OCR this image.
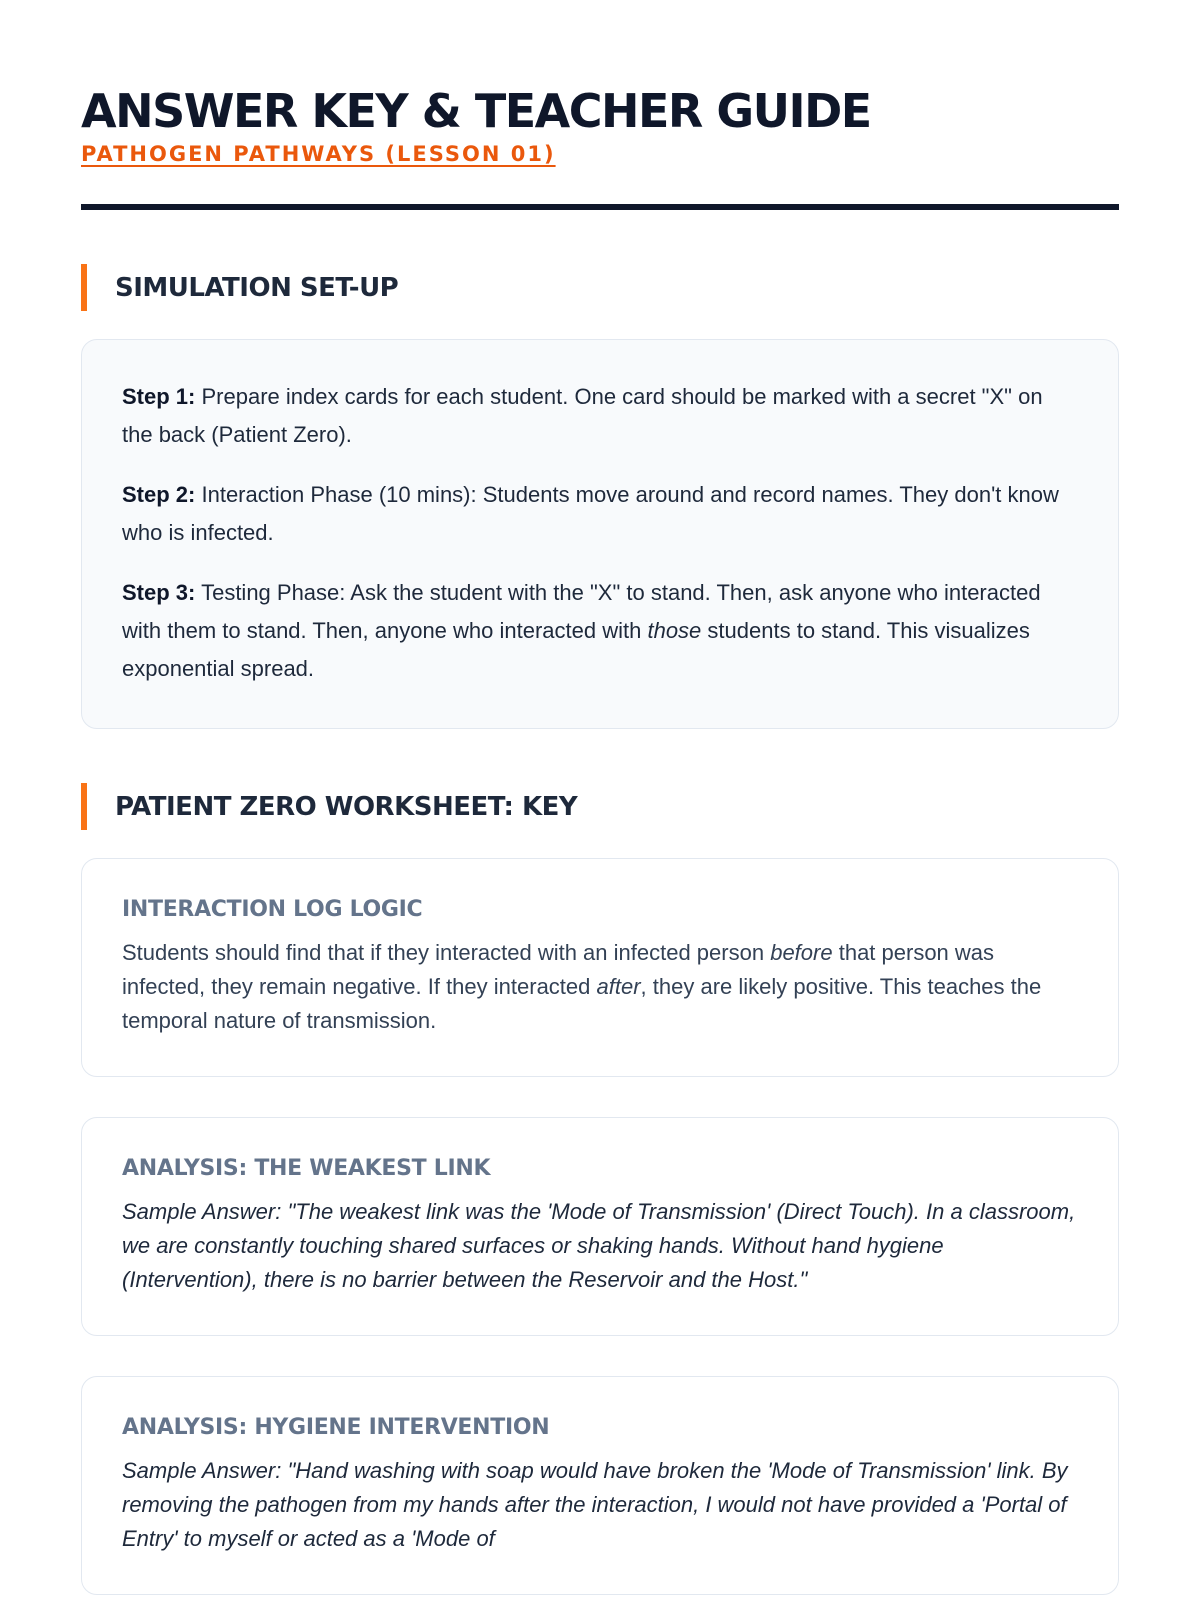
ANSWER KEY & TEACHER GUIDE
PATHOGEN PATHWAYS (LESSON 01)
SIMULATION SET-UP

Step 1: Prepare index cards for each student. One card should be marked with a secret "X" on the back (Patient Zero).

Step 2: Interaction Phase (10 mins): Students move around and record names. They don't know who is infected.

Step 3: Testing Phase: Ask the student with the "X" to stand. Then, ask anyone who interacted with them to stand. Then, anyone who interacted with those students to stand. This visualizes exponential spread.

PATIENT ZERO WORKSHEET: KEY
INTERACTION LOG LOGIC

Students should find that if they interacted with an infected person before that person was infected, they remain negative. If they interacted after, they are likely positive. This teaches the temporal nature of transmission.

ANALYSIS: THE WEAKEST LINK

Sample Answer: "The weakest link was the 'Mode of Transmission' (Direct Touch). In a classroom, we are constantly touching shared surfaces or shaking hands. Without hand hygiene (Intervention), there is no barrier between the Reservoir and the Host."

ANALYSIS: HYGIENE INTERVENTION

Sample Answer: "Hand washing with soap would have broken the 'Mode of Transmission' link. By removing the pathogen from my hands after the interaction, I would not have provided a 'Portal of Entry' to myself or acted as a 'Mode of
